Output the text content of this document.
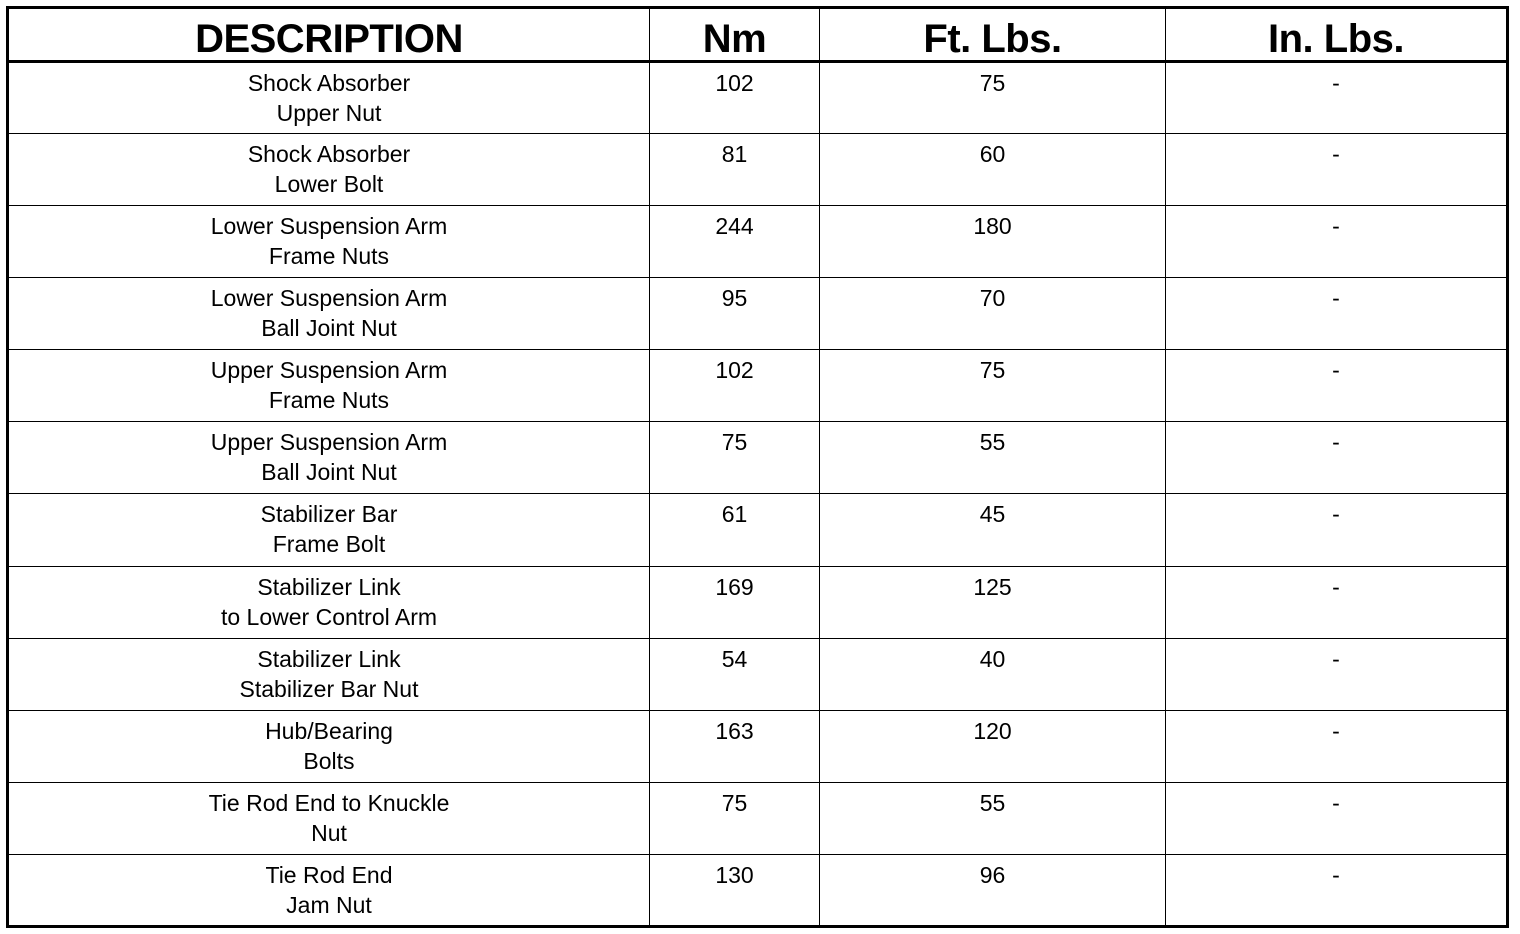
DESCRIPTION	Nm	Ft. Lbs.	In. Lbs.

Shock Absorber
Upper Nut	102	75	-

Shock Absorber
Lower Bolt	81	60	-

Lower Suspension Arm
Frame Nuts	244	180	-

Lower Suspension Arm
Ball Joint Nut	95	70	-

Upper Suspension Arm
Frame Nuts	102	75	-

Upper Suspension Arm
Ball Joint Nut	75	55	-

Stabilizer Bar
Frame Bolt	61	45	-

Stabilizer Link
to Lower Control Arm	169	125	-

Stabilizer Link
Stabilizer Bar Nut	54	40	-

Hub/Bearing
Bolts	163	120	-

Tie Rod End to Knuckle
Nut	75	55	-

Tie Rod End
Jam Nut	130	96	-
